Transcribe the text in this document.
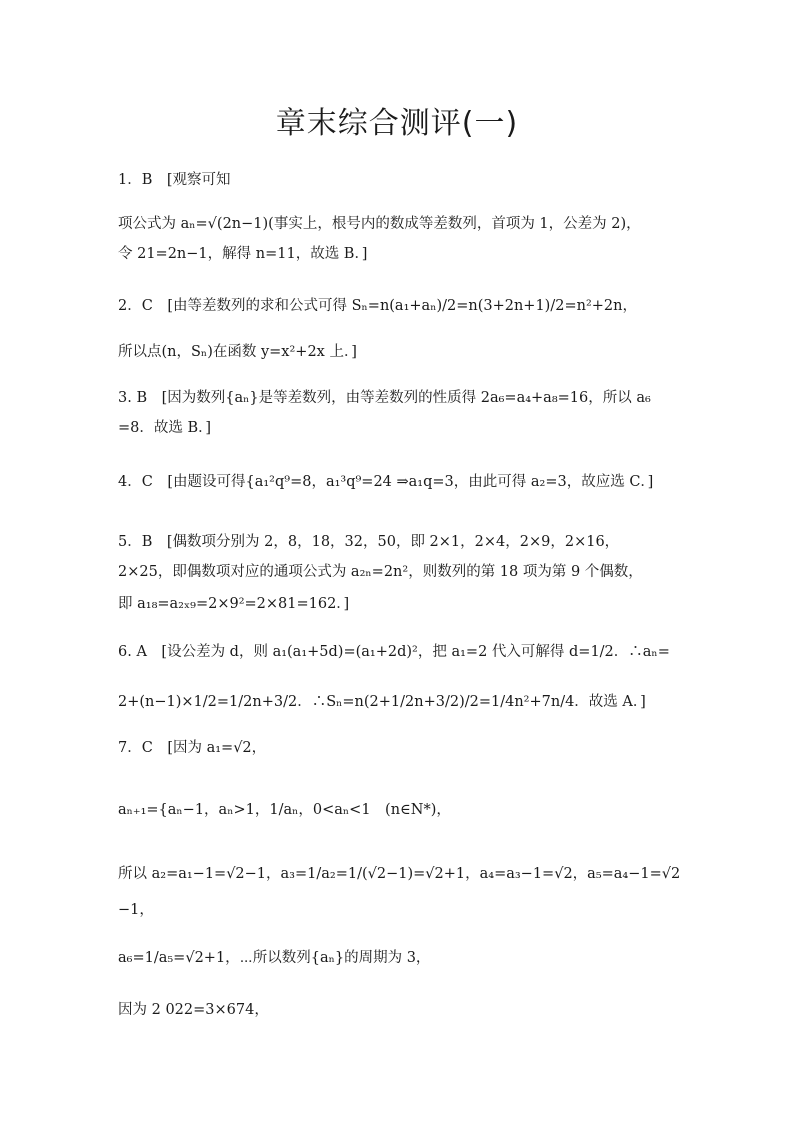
章末综合测评(一)
1．B　[观察可知
项公式为 aₙ=√(2n−1)(事实上，根号内的数成等差数列，首项为 1，公差为 2)，
令 21=2n−1，解得 n=11，故选 B．]
2．C　[由等差数列的求和公式可得 Sₙ=n(a₁+aₙ)/2=n(3+2n+1)/2=n²+2n，
所以点(n，Sₙ)在函数 y=x²+2x 上．]
3. B　[因为数列{aₙ}是等差数列，由等差数列的性质得 2a₆=a₄+a₈=16，所以 a₆
=8．故选 B．]
4．C　[由题设可得{a₁²q⁹=8，a₁³q⁹=24 ⇒a₁q=3，由此可得 a₂=3，故应选 C．]
5．B　[偶数项分别为 2，8，18，32，50，即 2×1，2×4，2×9，2×16，
2×25，即偶数项对应的通项公式为 a₂ₙ=2n²，则数列的第 18 项为第 9 个偶数，
即 a₁₈=a₂ₓ₉=2×9²=2×81=162．]
6. A　[设公差为 d，则 a₁(a₁+5d)=(a₁+2d)²，把 a₁=2 代入可解得 d=1/2．∴aₙ=
2+(n−1)×1/2=1/2n+3/2．∴Sₙ=n(2+1/2n+3/2)/2=1/4n²+7n/4．故选 A．]
7．C　[因为 a₁=√2，
aₙ₊₁={aₙ−1，aₙ>1，1/aₙ，0<aₙ<1　(n∈N*)，
所以 a₂=a₁−1=√2−1，a₃=1/a₂=1/(√2−1)=√2+1，a₄=a₃−1=√2，a₅=a₄−1=√2
−1，
a₆=1/a₅=√2+1，⋯所以数列{aₙ}的周期为 3，
因为 2 022=3×674，
